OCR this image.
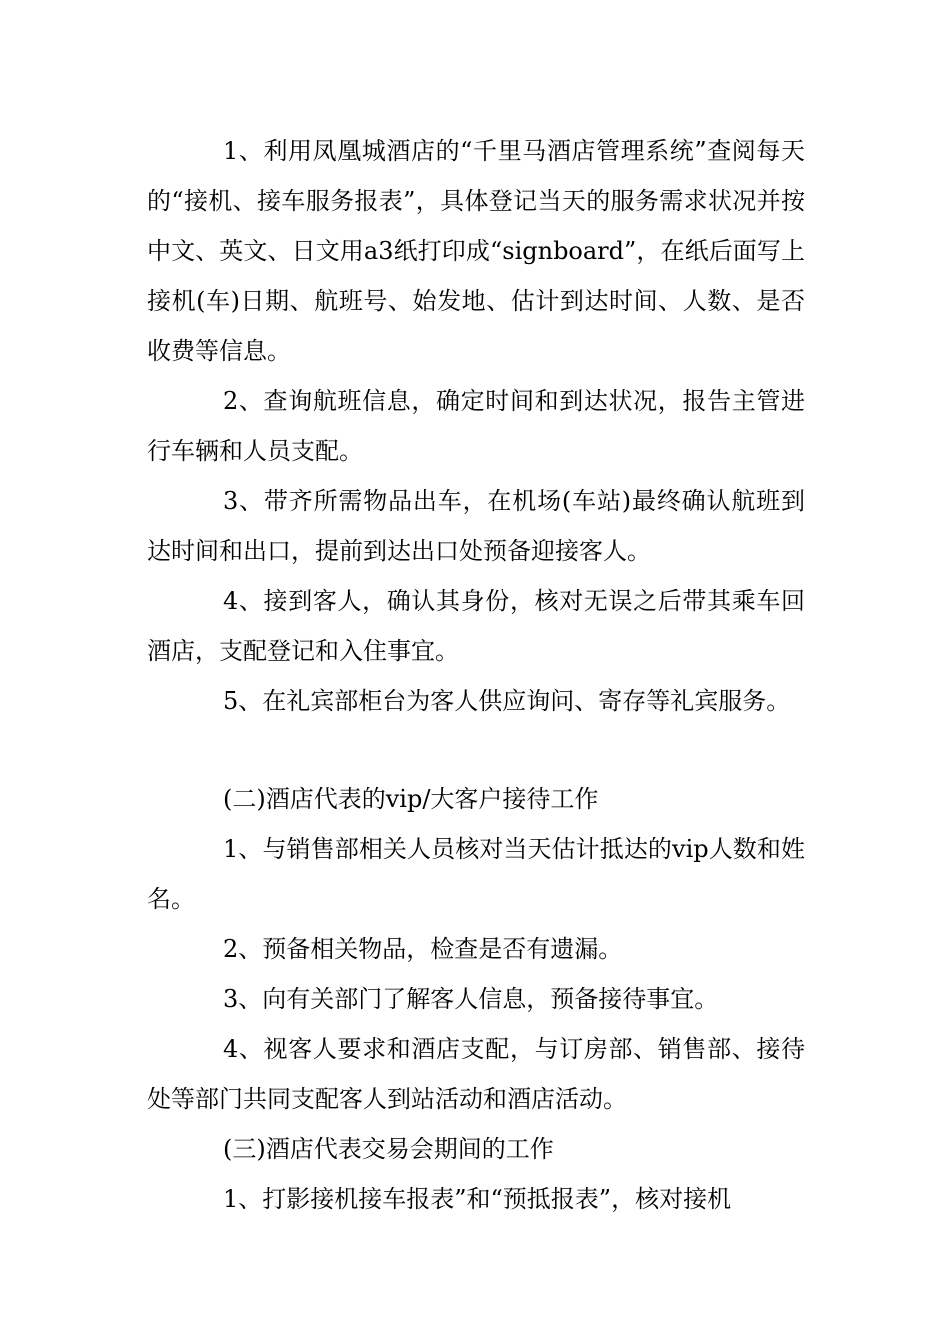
1、利用凤凰城酒店的“千里马酒店管理系统”查阅每天的“接机、接车服务报表”，具体登记当天的服务需求状况并按中文、英文、日文用a3纸打印成“signboard”，在纸后面写上接机(车)日期、航班号、始发地、估计到达时间、人数、是否收费等信息。

2、查询航班信息，确定时间和到达状况，报告主管进行车辆和人员支配。

3、带齐所需物品出车，在机场(车站)最终确认航班到达时间和出口，提前到达出口处预备迎接客人。

4、接到客人，确认其身份，核对无误之后带其乘车回酒店，支配登记和入住事宜。

5、在礼宾部柜台为客人供应询问、寄存等礼宾服务。

(二)酒店代表的vip/大客户接待工作

1、与销售部相关人员核对当天估计抵达的vip人数和姓名。

2、预备相关物品，检查是否有遗漏。

3、向有关部门了解客人信息，预备接待事宜。

4、视客人要求和酒店支配，与订房部、销售部、接待处等部门共同支配客人到站活动和酒店活动。

(三)酒店代表交易会期间的工作

1、打影接机接车报表”和“预抵报表”，核对接机
